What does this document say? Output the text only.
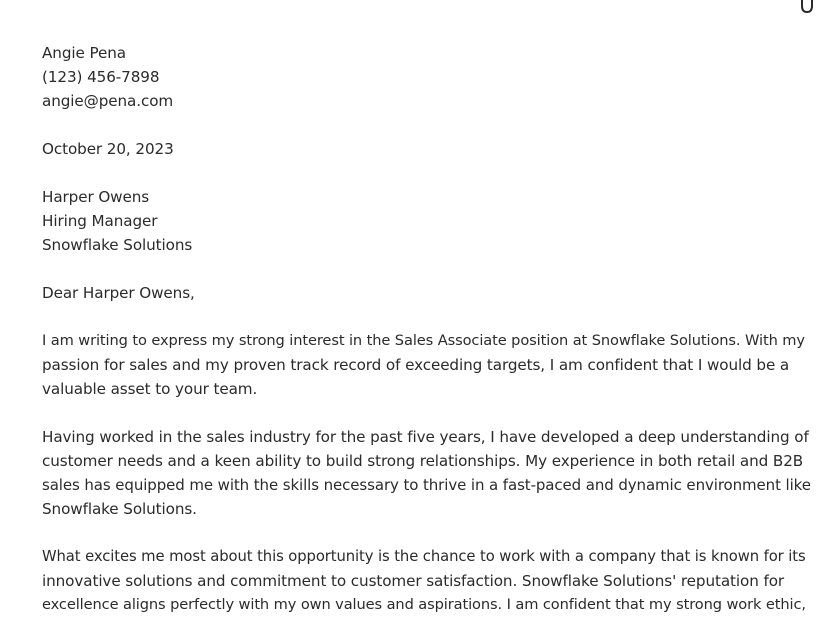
Angie Pena
(123) 456-7898
angie@pena.com
October 20, 2023
Harper Owens
Hiring Manager
Snowflake Solutions
Dear Harper Owens,
I am writing to express my strong interest in the Sales Associate position at Snowflake Solutions. With my
passion for sales and my proven track record of exceeding targets, I am confident that I would be a
valuable asset to your team.
Having worked in the sales industry for the past five years, I have developed a deep understanding of
customer needs and a keen ability to build strong relationships. My experience in both retail and B2B
sales has equipped me with the skills necessary to thrive in a fast-paced and dynamic environment like
Snowflake Solutions.
What excites me most about this opportunity is the chance to work with a company that is known for its
innovative solutions and commitment to customer satisfaction. Snowflake Solutions' reputation for
excellence aligns perfectly with my own values and aspirations. I am confident that my strong work ethic,
